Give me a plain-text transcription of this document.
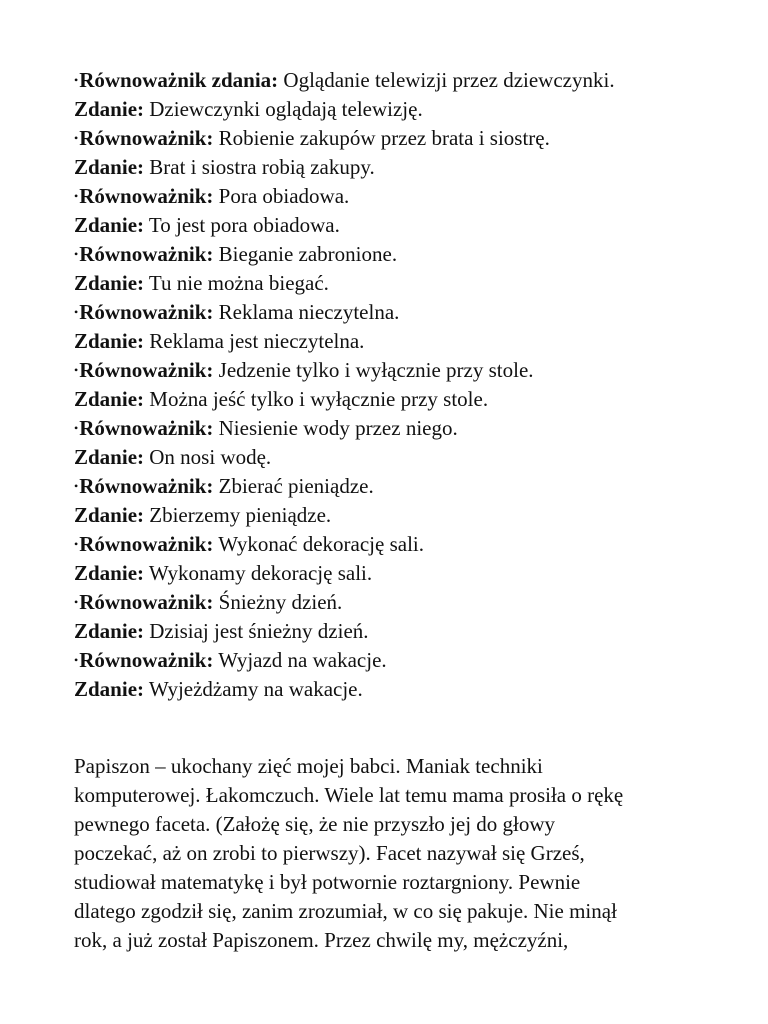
•Równoważnik zdania: Oglądanie telewizji przez dziewczynki.
Zdanie: Dziewczynki oglądają telewizję.
•Równoważnik: Robienie zakupów przez brata i siostrę.
Zdanie: Brat i siostra robią zakupy.
•Równoważnik: Pora obiadowa.
Zdanie: To jest pora obiadowa.
•Równoważnik: Bieganie zabronione.
Zdanie: Tu nie można biegać.
•Równoważnik: Reklama nieczytelna.
Zdanie: Reklama jest nieczytelna.
•Równoważnik: Jedzenie tylko i wyłącznie przy stole.
Zdanie: Można jeść tylko i wyłącznie przy stole.
•Równoważnik: Niesienie wody przez niego.
Zdanie: On nosi wodę.
•Równoważnik: Zbierać pieniądze.
Zdanie: Zbierzemy pieniądze.
•Równoważnik: Wykonać dekorację sali.
Zdanie: Wykonamy dekorację sali.
•Równoważnik: Śnieżny dzień.
Zdanie: Dzisiaj jest śnieżny dzień.
•Równoważnik: Wyjazd na wakacje.
Zdanie: Wyjeżdżamy na wakacje.
Papiszon – ukochany zięć mojej babci. Maniak techniki
komputerowej. Łakomczuch. Wiele lat temu mama prosiła o rękę
pewnego faceta. (Założę się, że nie przyszło jej do głowy
poczekać, aż on zrobi to pierwszy). Facet nazywał się Grześ,
studiował matematykę i był potwornie roztargniony. Pewnie
dlatego zgodził się, zanim zrozumiał, w co się pakuje. Nie minął
rok, a już został Papiszonem. Przez chwilę my, mężczyźni,
